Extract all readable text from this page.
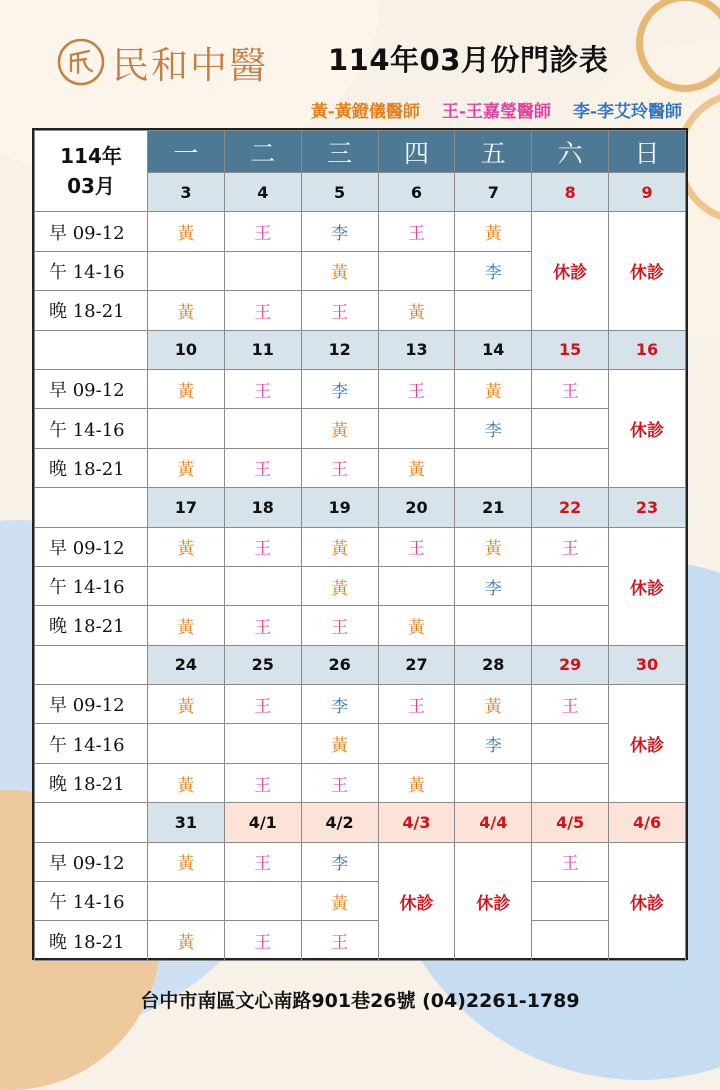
民和中醫 114年03月份門診表
黃-黃鐙儀醫師 王-王嘉瑩醫師 李-李艾玲醫師
114年
03月	一	二	三	四	五	六	日
	3	4	5	6	7	8	9
早 09-12	黃	王	李	王	黃	休診	休診
午 14-16			黃		李		
晚 18-21	黃	王	王	黃			
	10	11	12	13	14	15	16
早 09-12	黃	王	李	王	黃	王	休診
午 14-16			黃		李		
晚 18-21	黃	王	王	黃			
	17	18	19	20	21	22	23
早 09-12	黃	王	黃	王	黃	王	休診
午 14-16			黃		李		
晚 18-21	黃	王	王	黃			
	24	25	26	27	28	29	30
早 09-12	黃	王	李	王	黃	王	休診
午 14-16			黃		李		
晚 18-21	黃	王	王	黃			
	31	4/1	4/2	4/3	4/4	4/5	4/6
早 09-12	黃	王	李	休診	休診	王	休診
午 14-16			黃				
晚 18-21	黃	王	王				
台中市南區文心南路901巷26號 (04)2261-1789
